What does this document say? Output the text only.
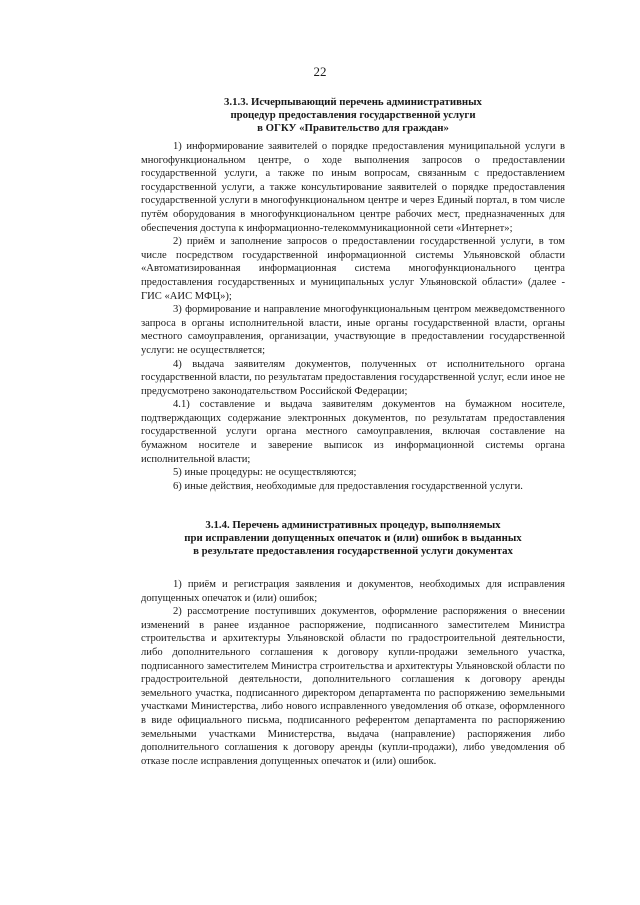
22

3.1.3. Исчерпывающий перечень административных

процедур предоставления государственной услуги

в ОГКУ «Правительство для граждан»

1) информирование заявителей о порядке предоставления муниципальной услуги в многофункциональном центре, о ходе выполнения запросов о предоставлении государственной услуги, а также по иным вопросам, связанным с предоставлением государственной услуги, а также консультирование заявителей о порядке предоставления государственной услуги в многофункциональном центре и через Единый портал, в том числе путём оборудования в многофункциональном центре рабочих мест, предназначенных для обеспечения доступа к информационно-телекоммуникационной сети «Интернет»;

2) приём и заполнение запросов о предоставлении государственной услуги, в том числе посредством государственной информационной системы Ульяновской области «Автоматизированная информационная система многофункционального центра предоставления государственных и муниципальных услуг Ульяновской области» (далее - ГИС «АИС МФЦ»);

3) формирование и направление многофункциональным центром межведомственного запроса в органы исполнительной власти, иные органы государственной власти, органы местного самоуправления, организации, участвующие в предоставлении государственной услуги: не осуществляется;

4) выдача заявителям документов, полученных от исполнительного органа государственной власти, по результатам предоставления государственной услуг, если иное не предусмотрено законодательством Российской Федерации;

4.1) составление и выдача заявителям документов на бумажном носителе, подтверждающих содержание электронных документов, по результатам предоставления государственной услуги органа местного самоуправления, включая составление на бумажном носителе и заверение выписок из информационной системы органа исполнительной власти;

5) иные процедуры: не осуществляются;

6) иные действия, необходимые для предоставления государственной услуги.

3.1.4. Перечень административных процедур, выполняемых

при исправлении допущенных опечаток и (или) ошибок в выданных

в результате предоставления государственной услуги документах

1) приём и регистрация заявления и документов, необходимых для исправления допущенных опечаток и (или) ошибок;

2) рассмотрение поступивших документов, оформление распоряжения о внесении изменений в ранее изданное распоряжение, подписанного заместителем Министра строительства и архитектуры Ульяновской области по градостроительной деятельности, либо дополнительного соглашения к договору купли-продажи земельного участка, подписанного заместителем Министра строительства и архитектуры Ульяновской области по градостроительной деятельности, дополнительного соглашения к договору аренды земельного участка, подписанного директором департамента по распоряжению земельными участками Министерства, либо нового исправленного уведомления об отказе, оформленного в виде официального письма, подписанного референтом департамента по распоряжению земельными участками Министерства, выдача (направление) распоряжения либо дополнительного соглашения к договору аренды (купли-продажи), либо уведомления об отказе после исправления допущенных опечаток и (или) ошибок.
